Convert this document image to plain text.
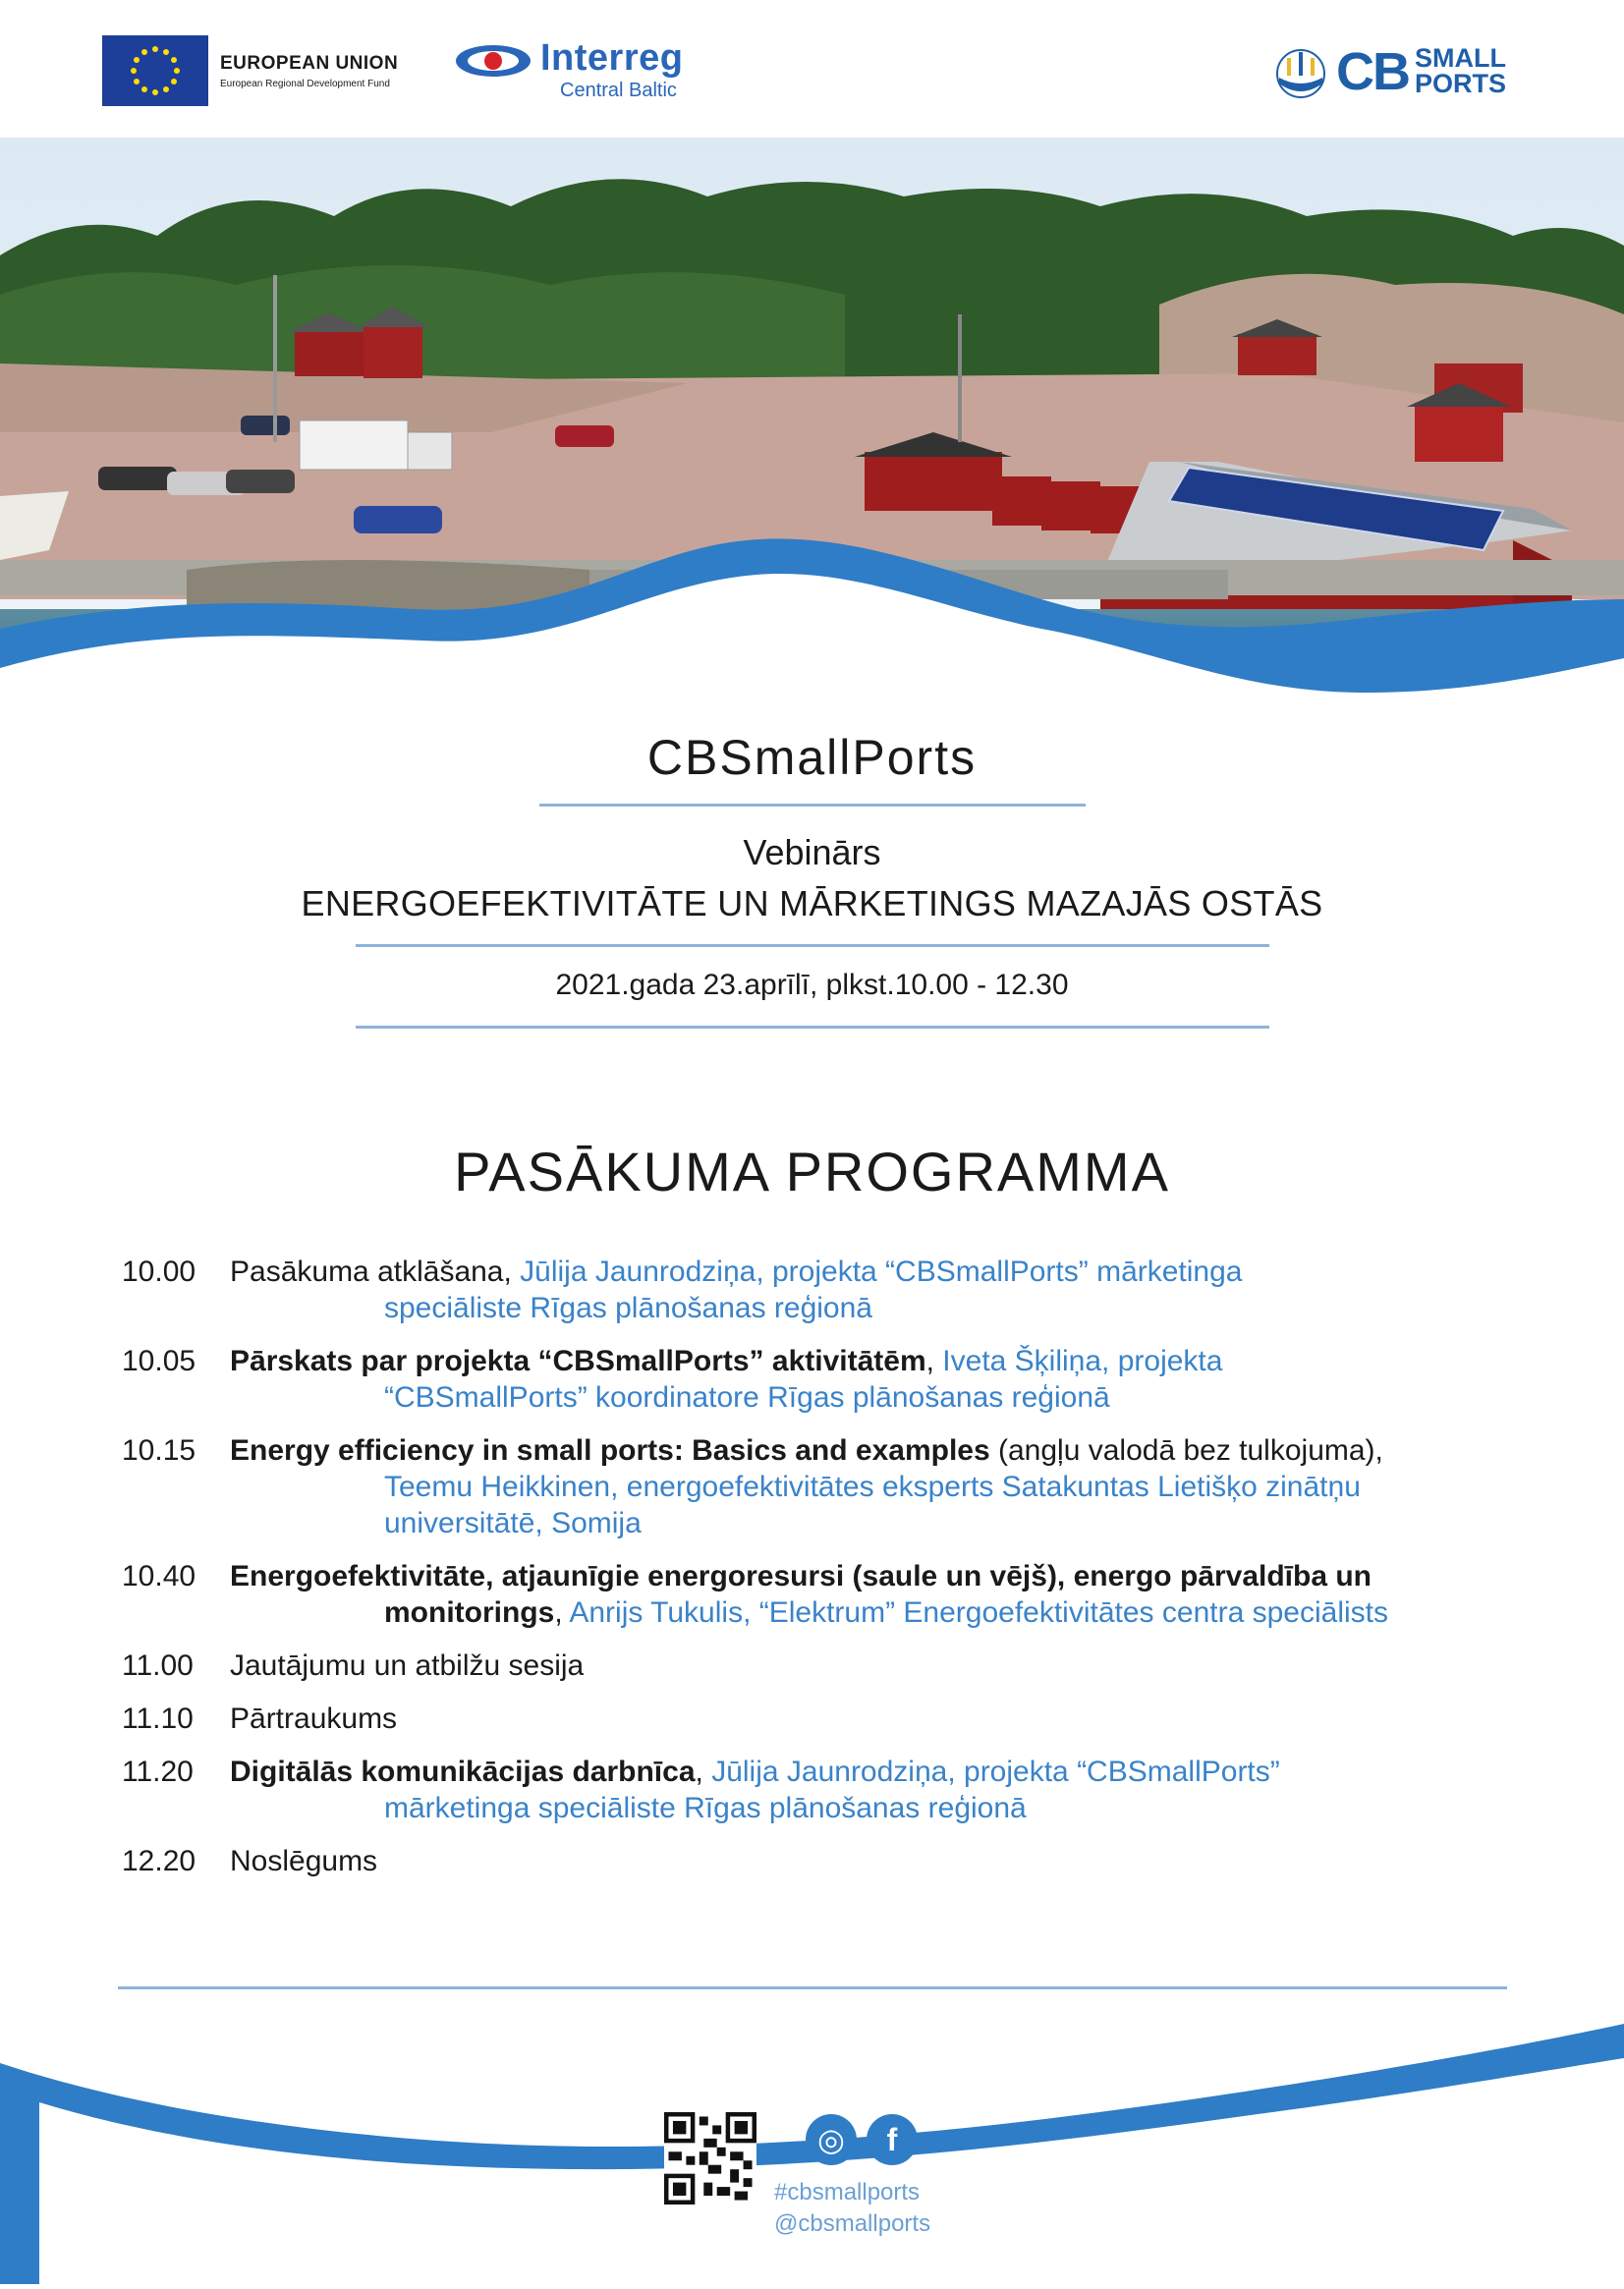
EUROPEAN UNION
European Regional Development Fund
Interreg
Central Baltic	CB SMALL
PORTS
CBSmallPorts
Vebinārs
ENERGOEFEKTIVITĀTE UN MĀRKETINGS MAZAJĀS OSTĀS
2021.gada 23.aprīlī, plkst.10.00 - 12.30
PASĀKUMA PROGRAMMA
10.00	Pasākuma atklāšana, Jūlija Jaunrodziņa, projekta “CBSmallPorts” mārketinga
speciāliste Rīgas plānošanas reģionā
10.05	Pārskats par projekta “CBSmallPorts” aktivitātēm, Iveta Šķiliņa, projekta
“CBSmallPorts” koordinatore Rīgas plānošanas reģionā
10.15	Energy efficiency in small ports: Basics and examples (angļu valodā bez tulkojuma),
Teemu Heikkinen, energoefektivitātes eksperts Satakuntas Lietišķo zinātņu
universitātē, Somija
10.40	Energoefektivitāte, atjaunīgie energoresursi (saule un vējš), energo pārvaldība un
monitorings, Anrijs Tukulis, “Elektrum” Energoefektivitātes centra speciālists
11.00	Jautājumu un atbilžu sesija
11.10	Pārtraukums
11.20	Digitālās komunikācijas darbnīca, Jūlija Jaunrodziņa, projekta “CBSmallPorts”
mārketinga speciāliste Rīgas plānošanas reģionā
12.20	Noslēgums
◎	f
#cbsmallports
@cbsmallports
